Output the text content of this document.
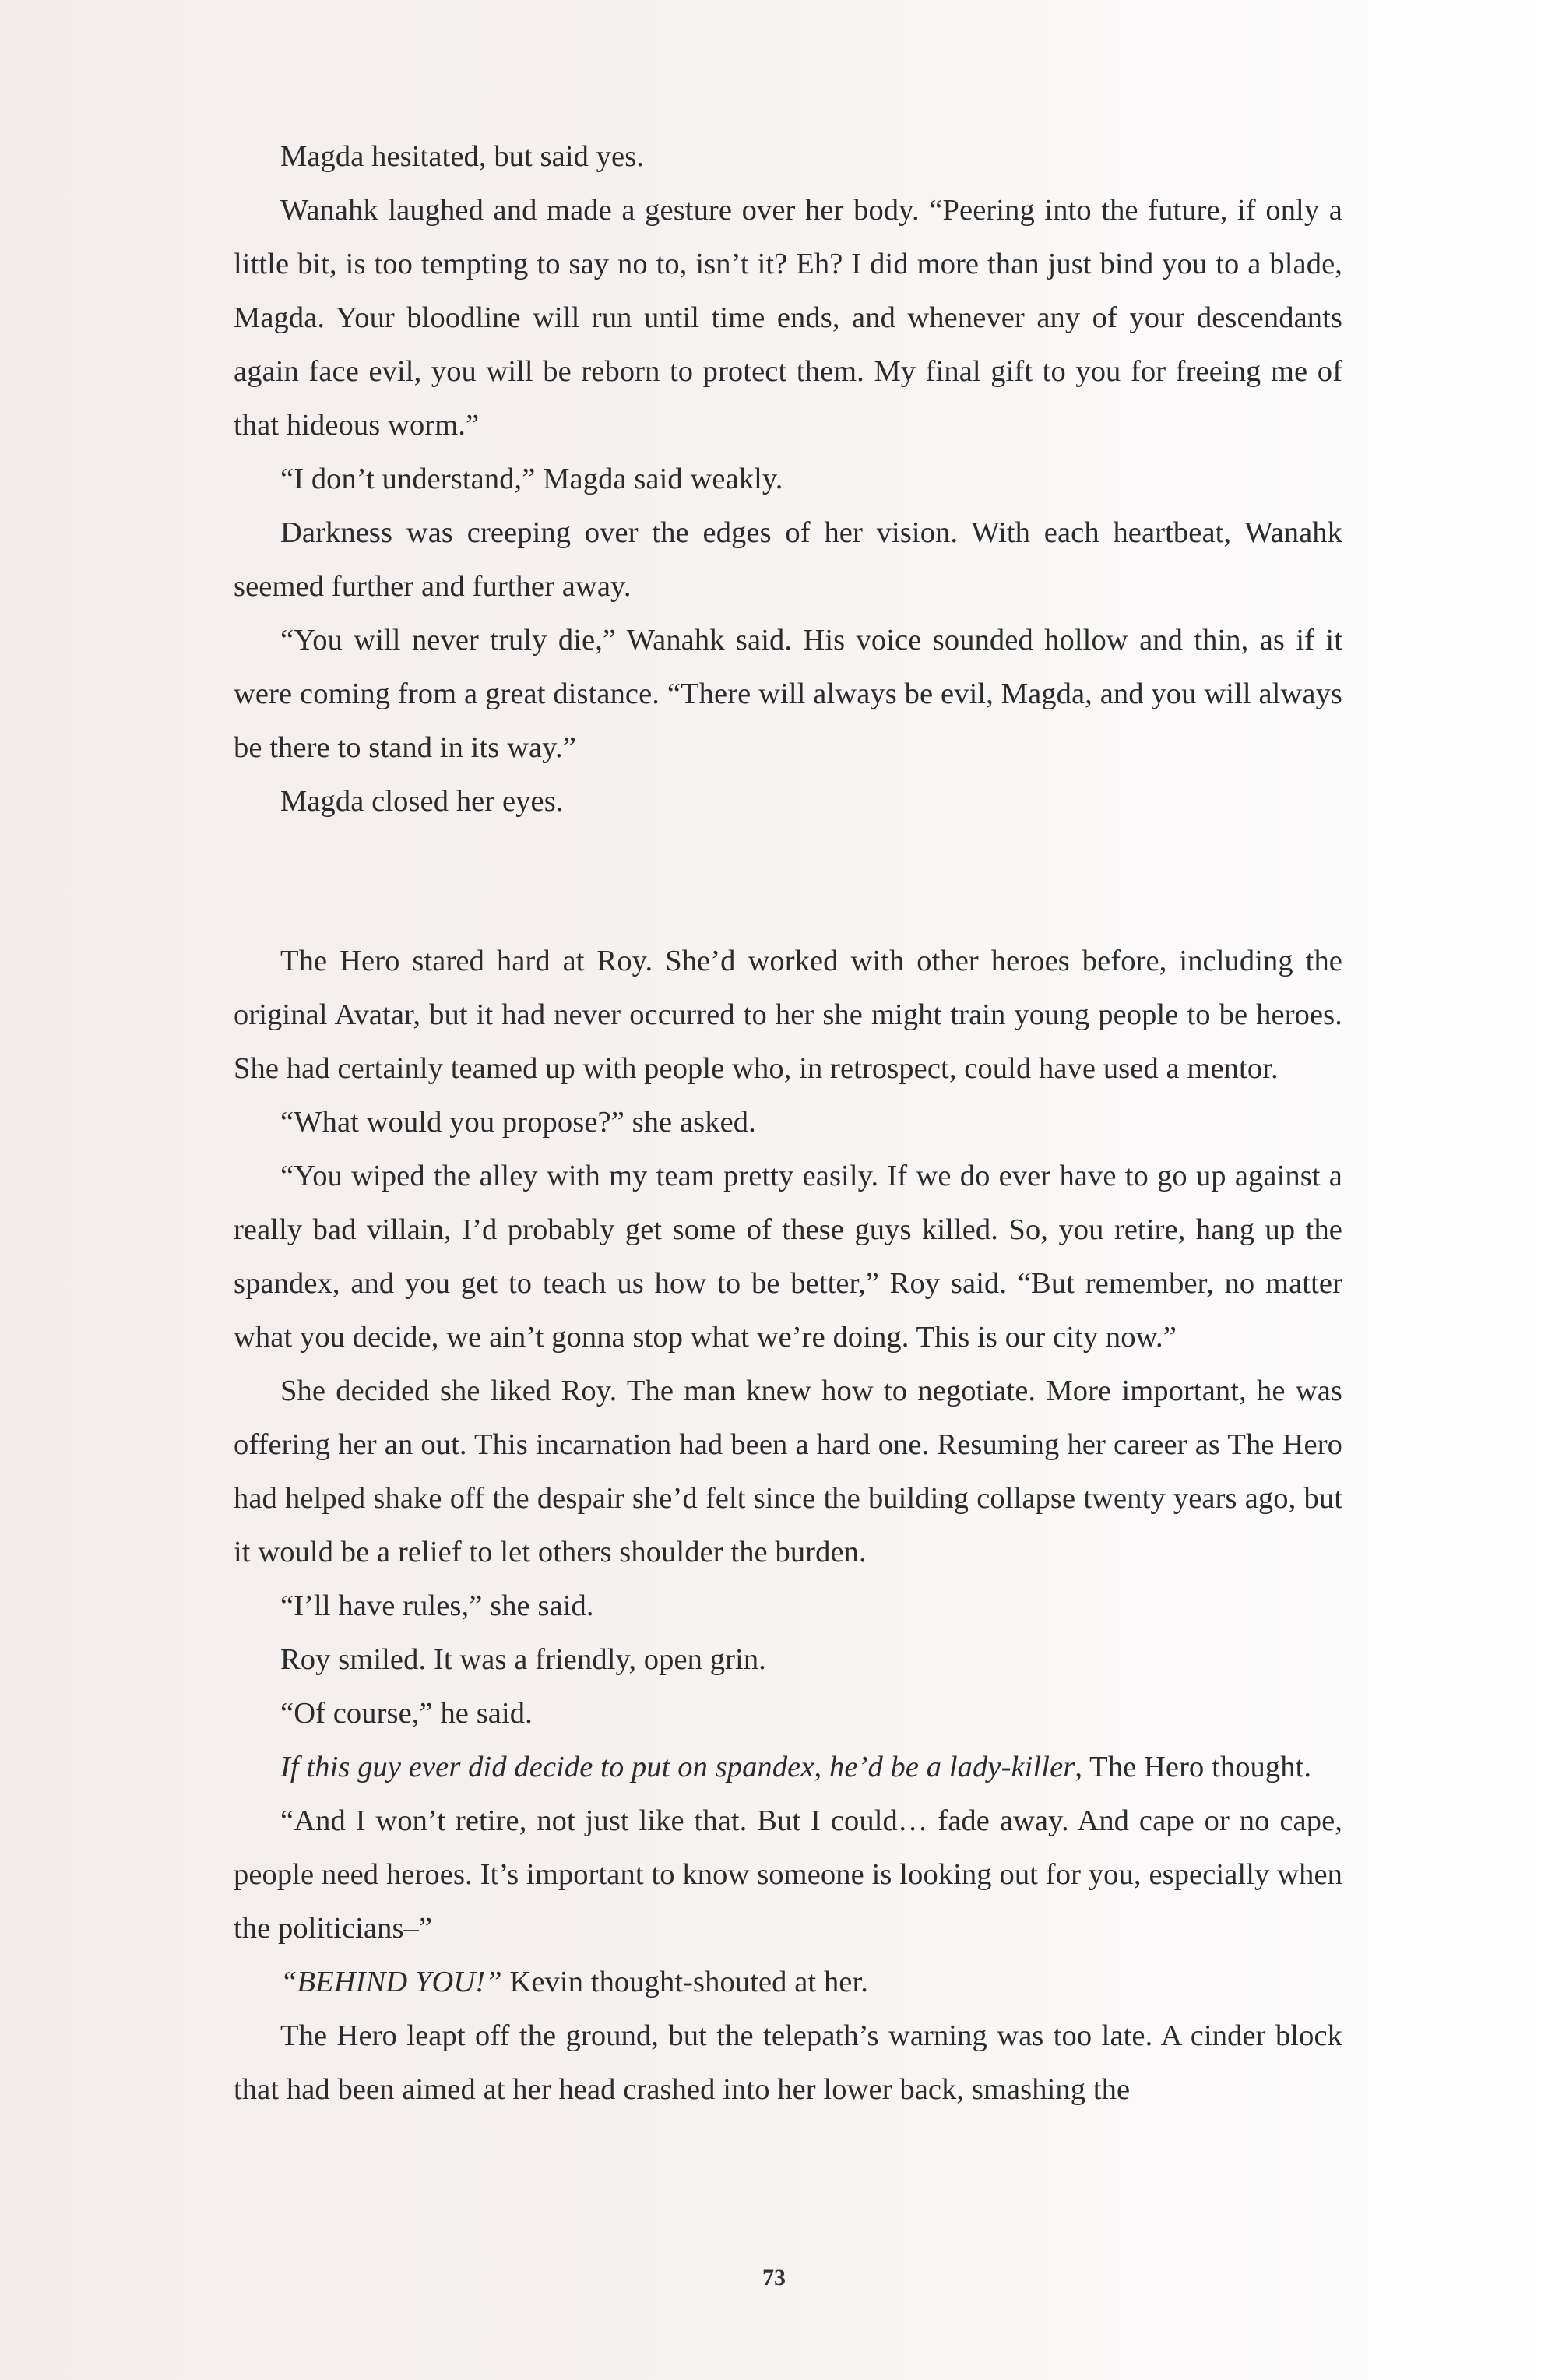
Magda hesitated, but said yes.

Wanahk laughed and made a gesture over her body. “Peering into the future, if only a little bit, is too tempting to say no to, isn’t it? Eh? I did more than just bind you to a blade, Magda. Your bloodline will run until time ends, and whenever any of your descendants again face evil, you will be reborn to protect them. My final gift to you for freeing me of that hideous worm.”

“I don’t understand,” Magda said weakly.

Darkness was creeping over the edges of her vision. With each heartbeat, Wanahk seemed further and further away.

“You will never truly die,” Wanahk said. His voice sounded hollow and thin, as if it were coming from a great distance. “There will always be evil, Magda, and you will always be there to stand in its way.”

Magda closed her eyes.

The Hero stared hard at Roy. She’d worked with other heroes before, including the original Avatar, but it had never occurred to her she might train young people to be heroes. She had certainly teamed up with people who, in retrospect, could have used a mentor.

“What would you propose?” she asked.

“You wiped the alley with my team pretty easily. If we do ever have to go up against a really bad villain, I’d probably get some of these guys killed. So, you retire, hang up the spandex, and you get to teach us how to be better,” Roy said. “But remember, no matter what you decide, we ain’t gonna stop what we’re doing. This is our city now.”

She decided she liked Roy. The man knew how to negotiate. More important, he was offering her an out. This incarnation had been a hard one. Resuming her career as The Hero had helped shake off the despair she’d felt since the building collapse twenty years ago, but it would be a relief to let others shoulder the burden.

“I’ll have rules,” she said.

Roy smiled. It was a friendly, open grin.

“Of course,” he said.

If this guy ever did decide to put on spandex, he’d be a lady-killer, The Hero thought.

“And I won’t retire, not just like that. But I could… fade away. And cape or no cape, people need heroes. It’s important to know someone is looking out for you, especially when the politicians–”

“BEHIND YOU!” Kevin thought-shouted at her.

The Hero leapt off the ground, but the telepath’s warning was too late. A cinder block that had been aimed at her head crashed into her lower back, smashing the

73
